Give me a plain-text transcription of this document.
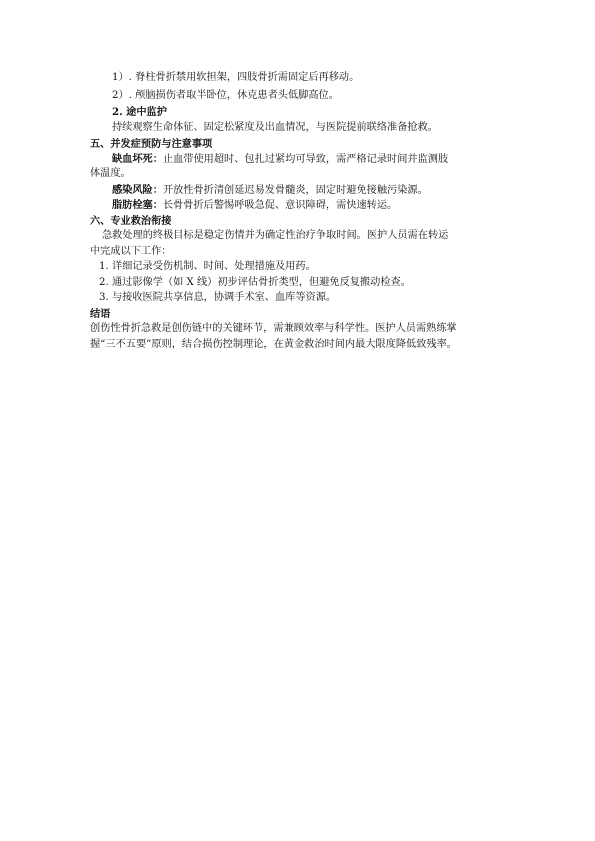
1）. 脊柱骨折禁用软担架，四肢骨折需固定后再移动。
2）. 颅脑损伤者取半卧位，休克患者头低脚高位。
2. 途中监护
持续观察生命体征、固定松紧度及出血情况，与医院提前联络准备抢救。
五、并发症预防与注意事项
缺血坏死：止血带使用超时、包扎过紧均可导致，需严格记录时间并监测肢
体温度。
感染风险：开放性骨折清创延迟易发骨髓炎，固定时避免接触污染源。
脂肪栓塞：长骨骨折后警惕呼吸急促、意识障碍，需快速转运。
六、专业救治衔接
急救处理的终极目标是稳定伤情并为确定性治疗争取时间。医护人员需在转运
中完成以下工作：
1. 详细记录受伤机制、时间、处理措施及用药。
2. 通过影像学（如 X 线）初步评估骨折类型，但避免反复搬动检查。
3. 与接收医院共享信息，协调手术室、血库等资源。
结语
创伤性骨折急救是创伤链中的关键环节，需兼顾效率与科学性。医护人员需熟练掌
握“三不五要”原则，结合损伤控制理论，在黄金救治时间内最大限度降低致残率。
